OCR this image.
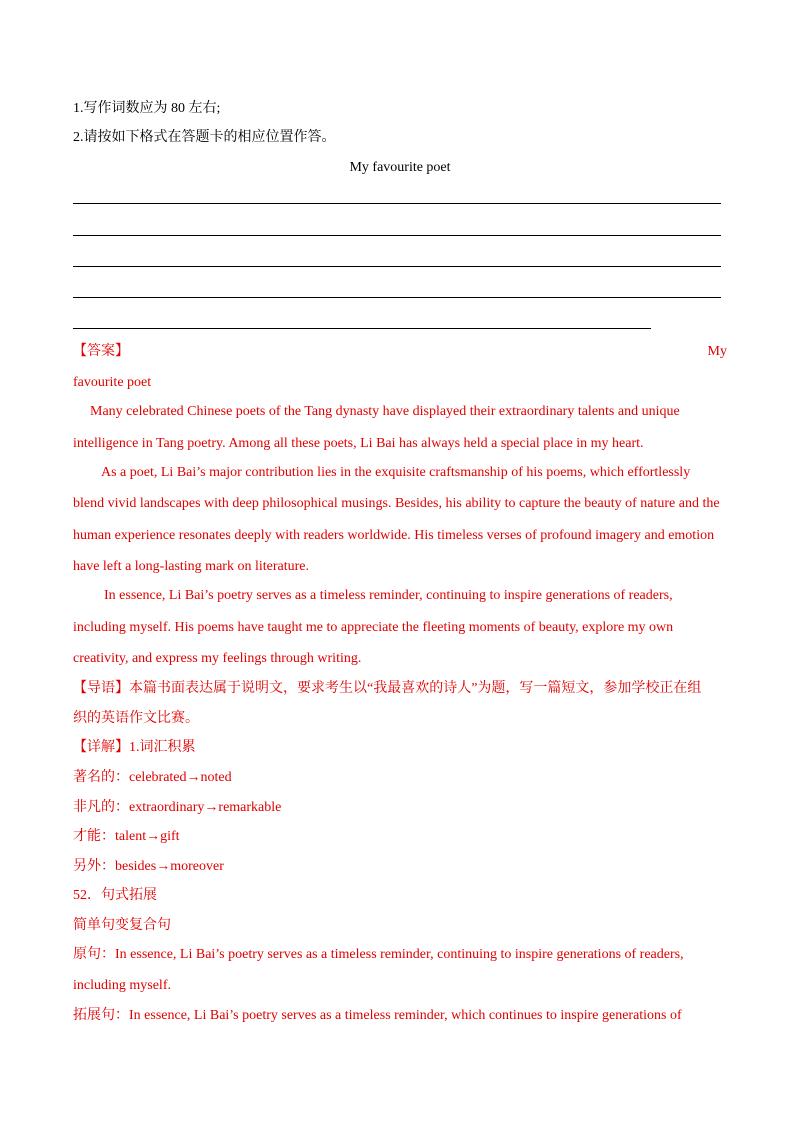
1.写作词数应为 80 左右;
2.请按如下格式在答题卡的相应位置作答。
My favourite poet
【答案】	My
favourite poet
Many celebrated Chinese poets of the Tang dynasty have displayed their extraordinary talents and unique
intelligence in Tang poetry. Among all these poets, Li Bai has always held a special place in my heart.
As a poet, Li Bai’s major contribution lies in the exquisite craftsmanship of his poems, which effortlessly
blend vivid landscapes with deep philosophical musings. Besides, his ability to capture the beauty of nature and the
human experience resonates deeply with readers worldwide. His timeless verses of profound imagery and emotion
have left a long-lasting mark on literature.
In essence, Li Bai’s poetry serves as a timeless reminder, continuing to inspire generations of readers,
including myself. His poems have taught me to appreciate the fleeting moments of beauty, explore my own
creativity, and express my feelings through writing.
【导语】本篇书面表达属于说明文，要求考生以“我最喜欢的诗人”为题，写一篇短文，参加学校正在组
织的英语作文比赛。
【详解】1.词汇积累
著名的：celebrated→noted
非凡的：extraordinary→remarkable
才能：talent→gift
另外：besides→moreover
52．句式拓展
简单句变复合句
原句：In essence, Li Bai’s poetry serves as a timeless reminder, continuing to inspire generations of readers,
including myself.
拓展句：In essence, Li Bai’s poetry serves as a timeless reminder, which continues to inspire generations of
